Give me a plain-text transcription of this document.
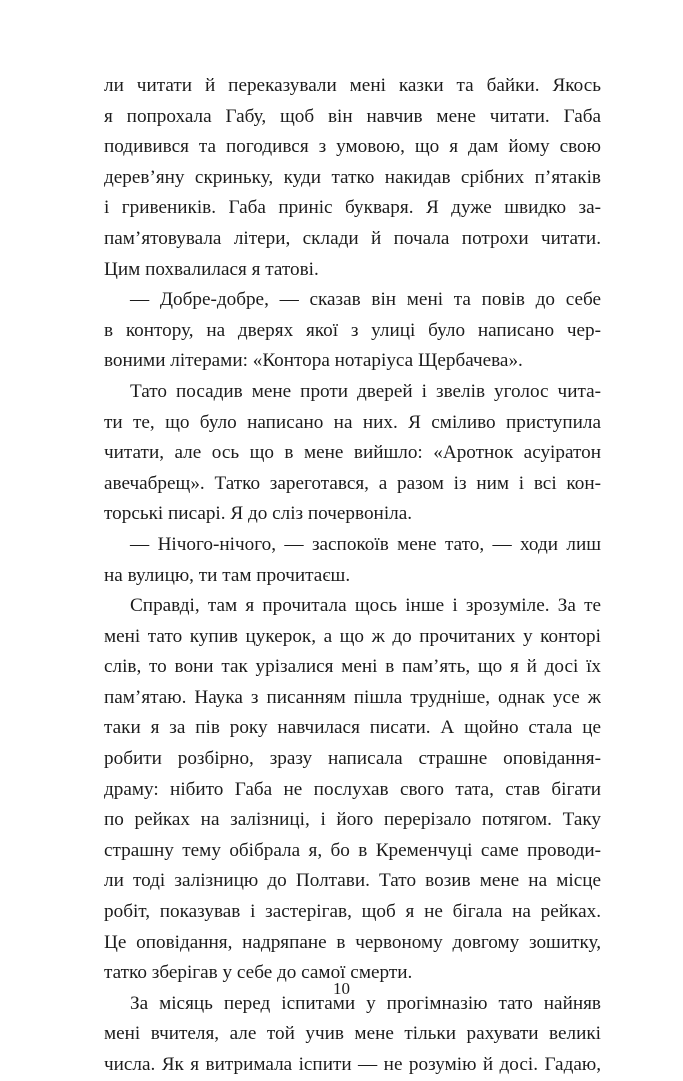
ли читати й переказували мені казки та байки. Якось
я попрохала Габу, щоб він навчив мене читати. Габа
подивився та погодився з умовою, що я дам йому свою
дерев’яну скриньку, куди татко накидав срібних п’ятаків
і гривеників. Габа приніс букваря. Я дуже швидко за-
пам’ятовувала літери, склади й почала потрохи читати.
Цим похвалилася я татові.
— Добре-добре, — сказав він мені та повів до себе
в контору, на дверях якої з улиці було написано чер-
воними літерами: «Контора нотаріуса Щербачева».
Тато посадив мене проти дверей і звелів уголос чита-
ти те, що було написано на них. Я сміливо приступила
читати, але ось що в мене вийшло: «Аротнок асуіратон
авечабрещ». Татко зареготався, а разом із ним і всі кон-
торські писарі. Я до сліз почервоніла.
— Нічого-нічого, — заспокоїв мене тато, — ходи лиш
на вулицю, ти там прочитаєш.
Справді, там я прочитала щось інше і зрозуміле. За те
мені тато купив цукерок, а що ж до прочитаних у конторі
слів, то вони так урізалися мені в пам’ять, що я й досі їх
пам’ятаю. Наука з писанням пішла трудніше, однак усе ж
таки я за пів року навчилася писати. А щойно стала це
робити розбірно, зразу написала страшне оповідання-
драму: нібито Габа не послухав свого тата, став бігати
по рейках на залізниці, і його перерізало потягом. Таку
страшну тему обібрала я, бо в Кременчуці саме проводи-
ли тоді залізницю до Полтави. Тато возив мене на місце
робіт, показував і застерігав, щоб я не бігала на рейках.
Це оповідання, надряпане в червоному довгому зошитку,
татко зберігав у себе до самої смерти.
За місяць перед іспитами у прогімназію тато найняв
мені вчителя, але той учив мене тільки рахувати великі
числа. Як я витримала іспити — не розумію й досі. Гадаю,
10
